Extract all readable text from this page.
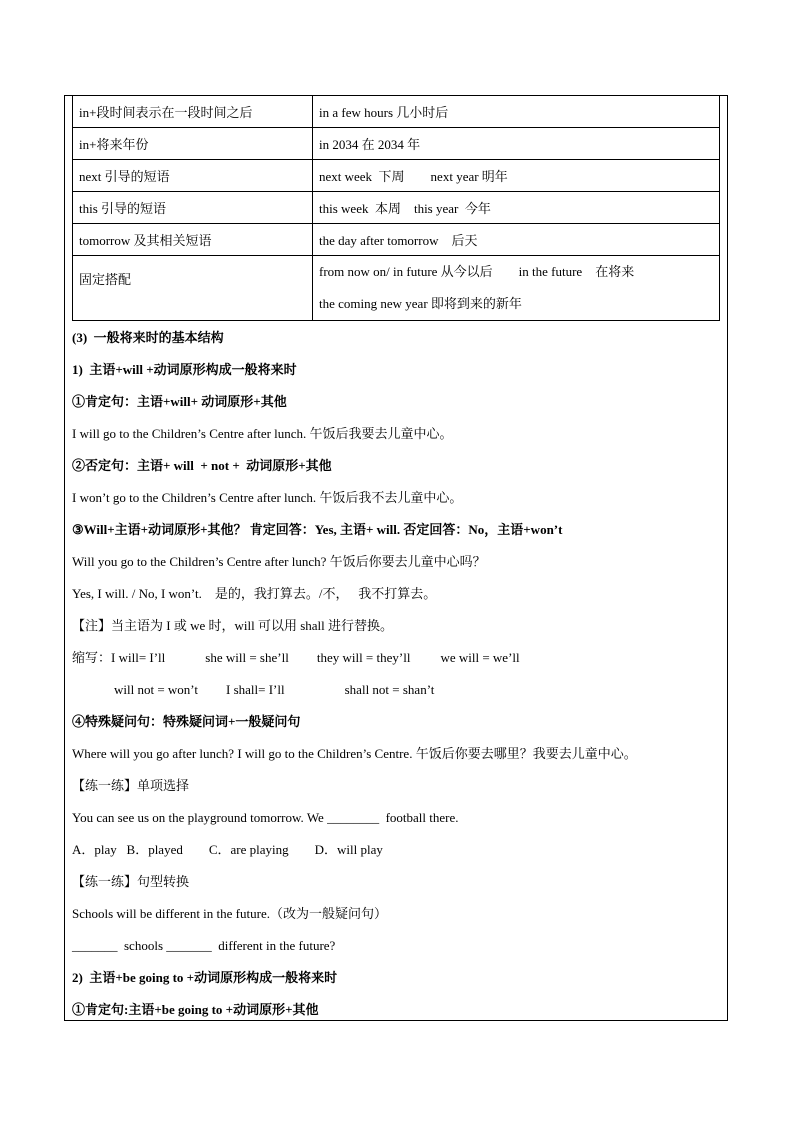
in+段时间表示在一段时间之后	in a few hours 几小时后
in+将来年份	in 2034 在 2034 年
next 引导的短语	next week  下周        next year 明年
this 引导的短语	this week  本周    this year  今年
tomorrow 及其相关短语	the day after tomorrow    后天
固定搭配	from now on/ in future 从今以后        in the future    在将来
the coming new year 即将到来的新年
(3)  一般将来时的基本结构
1)  主语+will +动词原形构成一般将来时
①肯定句：主语+will+ 动词原形+其他
I will go to the Children’s Centre after lunch. 午饭后我要去儿童中心。
②否定句：主语+ will  + not +  动词原形+其他
I won’t go to the Children’s Centre after lunch. 午饭后我不去儿童中心。
③Will+主语+动词原形+其他？ 肯定回答：Yes, 主语+ will. 否定回答：No，主语+won’t
Will you go to the Children’s Centre after lunch? 午饭后你要去儿童中心吗？
Yes, I will. / No, I won’t.    是的，我打算去。/不，   我不打算去。
【注】当主语为 I 或 we 时，will 可以用 shall 进行替换。
缩写：I will= I’ll	she will = she’ll they will = they’ll we will = we’ll
will not = won’t I shall= I’ll	shall not = shan’t
④特殊疑问句：特殊疑问词+一般疑问句
Where will you go after lunch? I will go to the Children’s Centre. 午饭后你要去哪里？我要去儿童中心。
【练一练】单项选择
You can see us on the playground tomorrow. We ________  football there.
A．play   B．played        C．are playing        D．will play
【练一练】句型转换
Schools will be different in the future.（改为一般疑问句）
_______  schools _______  different in the future?
2)  主语+be going to +动词原形构成一般将来时
①肯定句:主语+be going to +动词原形+其他
